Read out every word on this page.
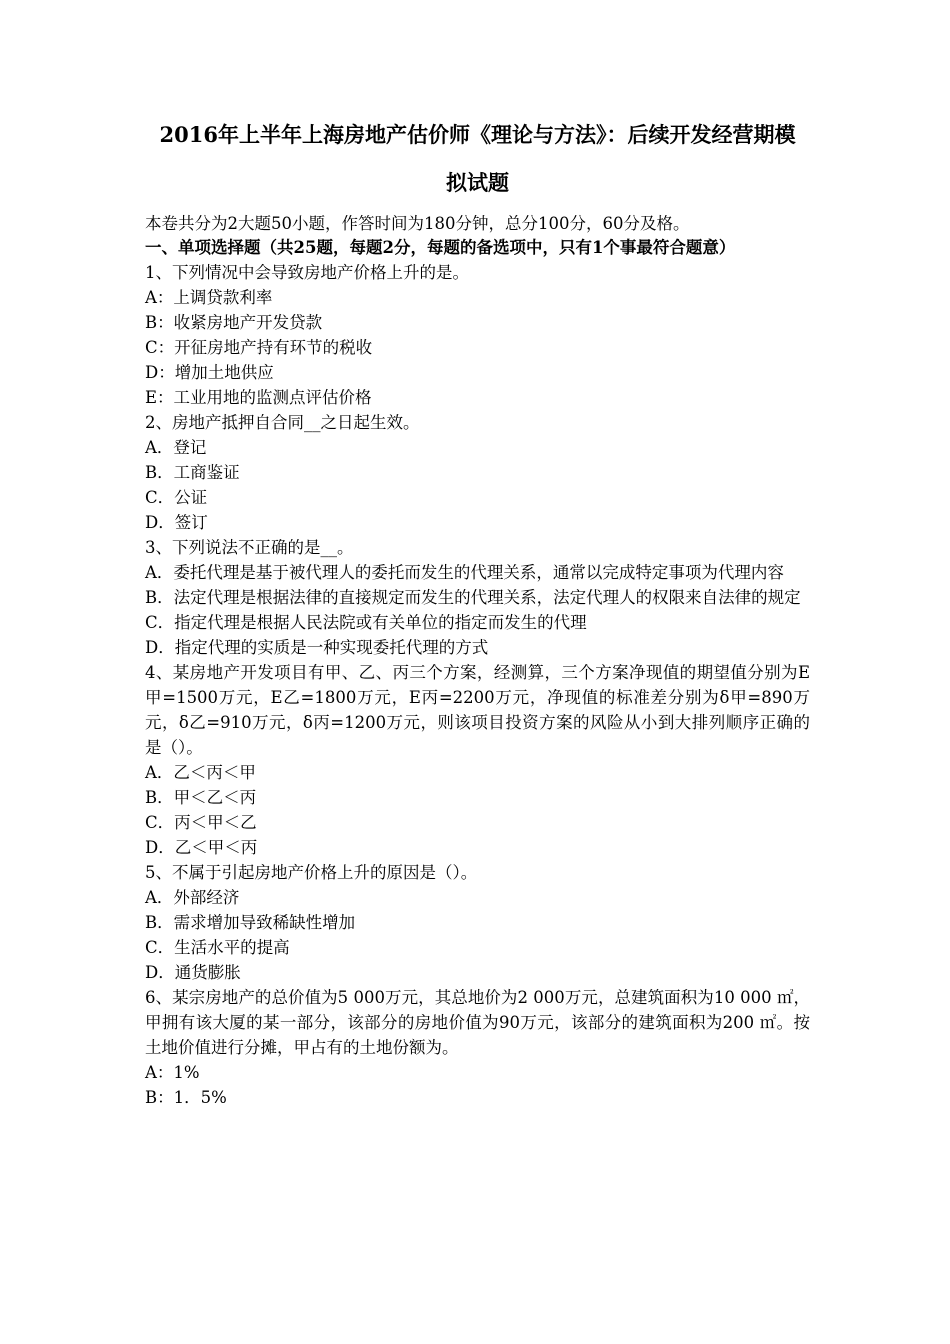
2016年上半年上海房地产估价师《理论与方法》：后续开发经营期模
拟试题
本卷共分为2大题50小题，作答时间为180分钟，总分100分，60分及格。
一、单项选择题（共25题，每题2分，每题的备选项中，只有1个事最符合题意）
1、下列情况中会导致房地产价格上升的是。
A：上调贷款利率
B：收紧房地产开发贷款
C：开征房地产持有环节的税收
D：增加土地供应
E：工业用地的监测点评估价格
2、房地产抵押自合同__之日起生效。
A．登记
B．工商鉴证
C．公证
D．签订
3、下列说法不正确的是__。
A．委托代理是基于被代理人的委托而发生的代理关系，通常以完成特定事项为代理内容
B．法定代理是根据法律的直接规定而发生的代理关系，法定代理人的权限来自法律的规定
C．指定代理是根据人民法院或有关单位的指定而发生的代理
D．指定代理的实质是一种实现委托代理的方式
4、某房地产开发项目有甲、乙、丙三个方案，经测算，三个方案净现值的期望值分别为E甲=1500万元，E乙=1800万元，E丙=2200万元，净现值的标准差分别为δ甲=890万元，δ乙=910万元，δ丙=1200万元，则该项目投资方案的风险从小到大排列顺序正确的是（）。
A．乙＜丙＜甲
B．甲＜乙＜丙
C．丙＜甲＜乙
D．乙＜甲＜丙
5、不属于引起房地产价格上升的原因是（）。
A．外部经济
B．需求增加导致稀缺性增加
C．生活水平的提高
D．通货膨胀
6、某宗房地产的总价值为5 000万元，其总地价为2 000万元，总建筑面积为10 000 ㎡，甲拥有该大厦的某一部分，该部分的房地价值为90万元，该部分的建筑面积为200 ㎡。按土地价值进行分摊，甲占有的土地份额为。
A：1%
B：1．5%
